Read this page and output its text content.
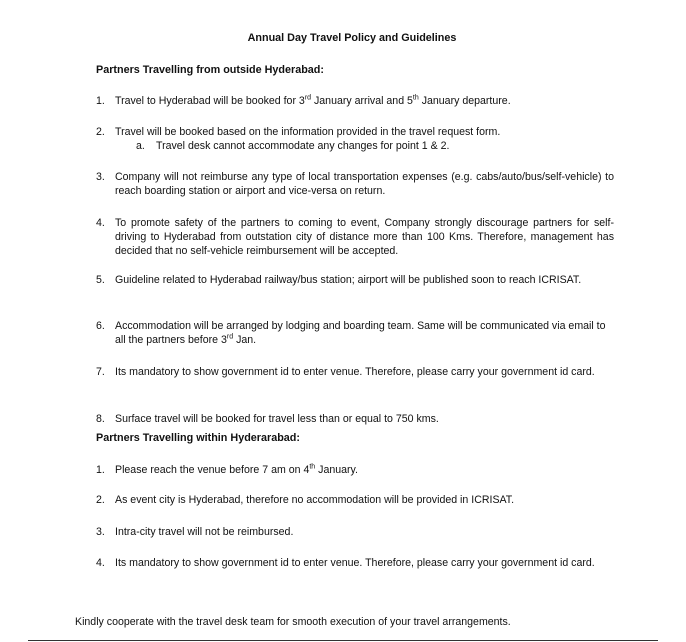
Annual Day Travel Policy and Guidelines
Partners Travelling from outside Hyderabad:
1. Travel to Hyderabad will be booked for 3rd January arrival and 5th January departure.
2. Travel will be booked based on the information provided in the travel request form.
a. Travel desk cannot accommodate any changes for point 1 & 2.
3. Company will not reimburse any type of local transportation expenses (e.g. cabs/auto/bus/self-vehicle) to reach boarding station or airport and vice-versa on return.
4. To promote safety of the partners to coming to event, Company strongly discourage partners for self-driving to Hyderabad from outstation city of distance more than 100 Kms. Therefore, management has decided that no self-vehicle reimbursement will be accepted.
5. Guideline related to Hyderabad railway/bus station; airport will be published soon to reach ICRISAT.
6. Accommodation will be arranged by lodging and boarding team. Same will be communicated via email to all the partners before 3rd Jan.
7. Its mandatory to show government id to enter venue. Therefore, please carry your government id card.
8. Surface travel will be booked for travel less than or equal to 750 kms.
Partners Travelling within Hyderarabad:
1. Please reach the venue before 7 am on 4th January.
2. As event city is Hyderabad, therefore no accommodation will be provided in ICRISAT.
3. Intra-city travel will not be reimbursed.
4. Its mandatory to show government id to enter venue. Therefore, please carry your government id card.
Kindly cooperate with the travel desk team for smooth execution of your travel arrangements.
